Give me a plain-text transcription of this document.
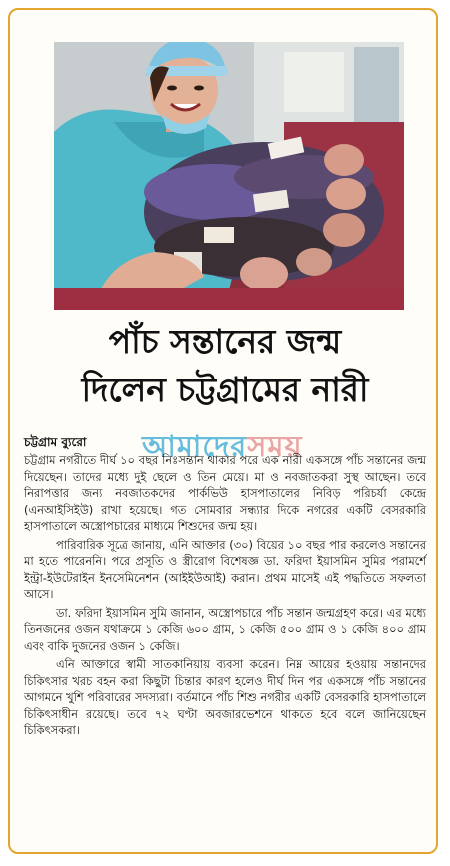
পাঁচ সন্তানের জন্ম
দিলেন চট্টগ্রামের নারী
চট্টগ্রাম ব্যুরো আমাদেরসময়

চট্টগ্রাম নগরীতে দীর্ঘ ১০ বছর নিঃসন্তান থাকার পরে এক নারী একসঙ্গে পাঁচ সন্তানের জন্ম দিয়েছেন। তাদের মধ্যে দুই ছেলে ও তিন মেয়ে। মা ও নবজাতকরা সুস্থ আছেন। তবে নিরাপত্তার জন্য নবজাতকদের পার্কভিউ হাসপাতালের নিবিড় পরিচর্যা কেন্দ্রে (এনআইসিইউ) রাখা হয়েছে। গত সোমবার সন্ধ্যার দিকে নগরের একটি বেসরকারি হাসপাতালে অস্ত্রোপচারের মাধ্যমে শিশুদের জন্ম হয়।

পারিবারিক সূত্রে জানায়, এনি আক্তার (৩০) বিয়ের ১০ বছর পার করলেও সন্তানের মা হতে পারেননি। পরে প্রসূতি ও স্ত্রীরোগ বিশেষজ্ঞ ডা. ফরিদা ইয়াসমিন সুমির পরামর্শে ইন্ট্রা-ইউটেরাইন ইনসেমিনেশন (আইইউআই) করান। প্রথম মাসেই এই পদ্ধতিতে সফলতা আসে।

ডা. ফরিদা ইয়াসমিন সুমি জানান, অস্ত্রোপচারে পাঁচ সন্তান জন্মগ্রহণ করে। এর মধ্যে তিনজনের ওজন যথাক্রমে ১ কেজি ৬০০ গ্রাম, ১ কেজি ৫০০ গ্রাম ও ১ কেজি ৪০০ গ্রাম এবং বাকি দুজনের ওজন ১ কেজি।

এনি আক্তারে স্বামী সাতকানিয়ায় ব্যবসা করেন। নিম্ন আয়ের হওয়ায় সন্তানদের চিকিৎসার খরচ বহন করা কিছুটা চিন্তার কারণ হলেও দীর্ঘ দিন পর একসঙ্গে পাঁচ সন্তানের আগমনে খুশি পরিবারের সদস্যরা। বর্তমানে পাঁচ শিশু নগরীর একটি বেসরকারি হাসপাতালে চিকিৎসাধীন রয়েছে। তবে ৭২ ঘণ্টা অবজারভেশনে থাকতে হবে বলে জানিয়েছেন চিকিৎসকরা।
